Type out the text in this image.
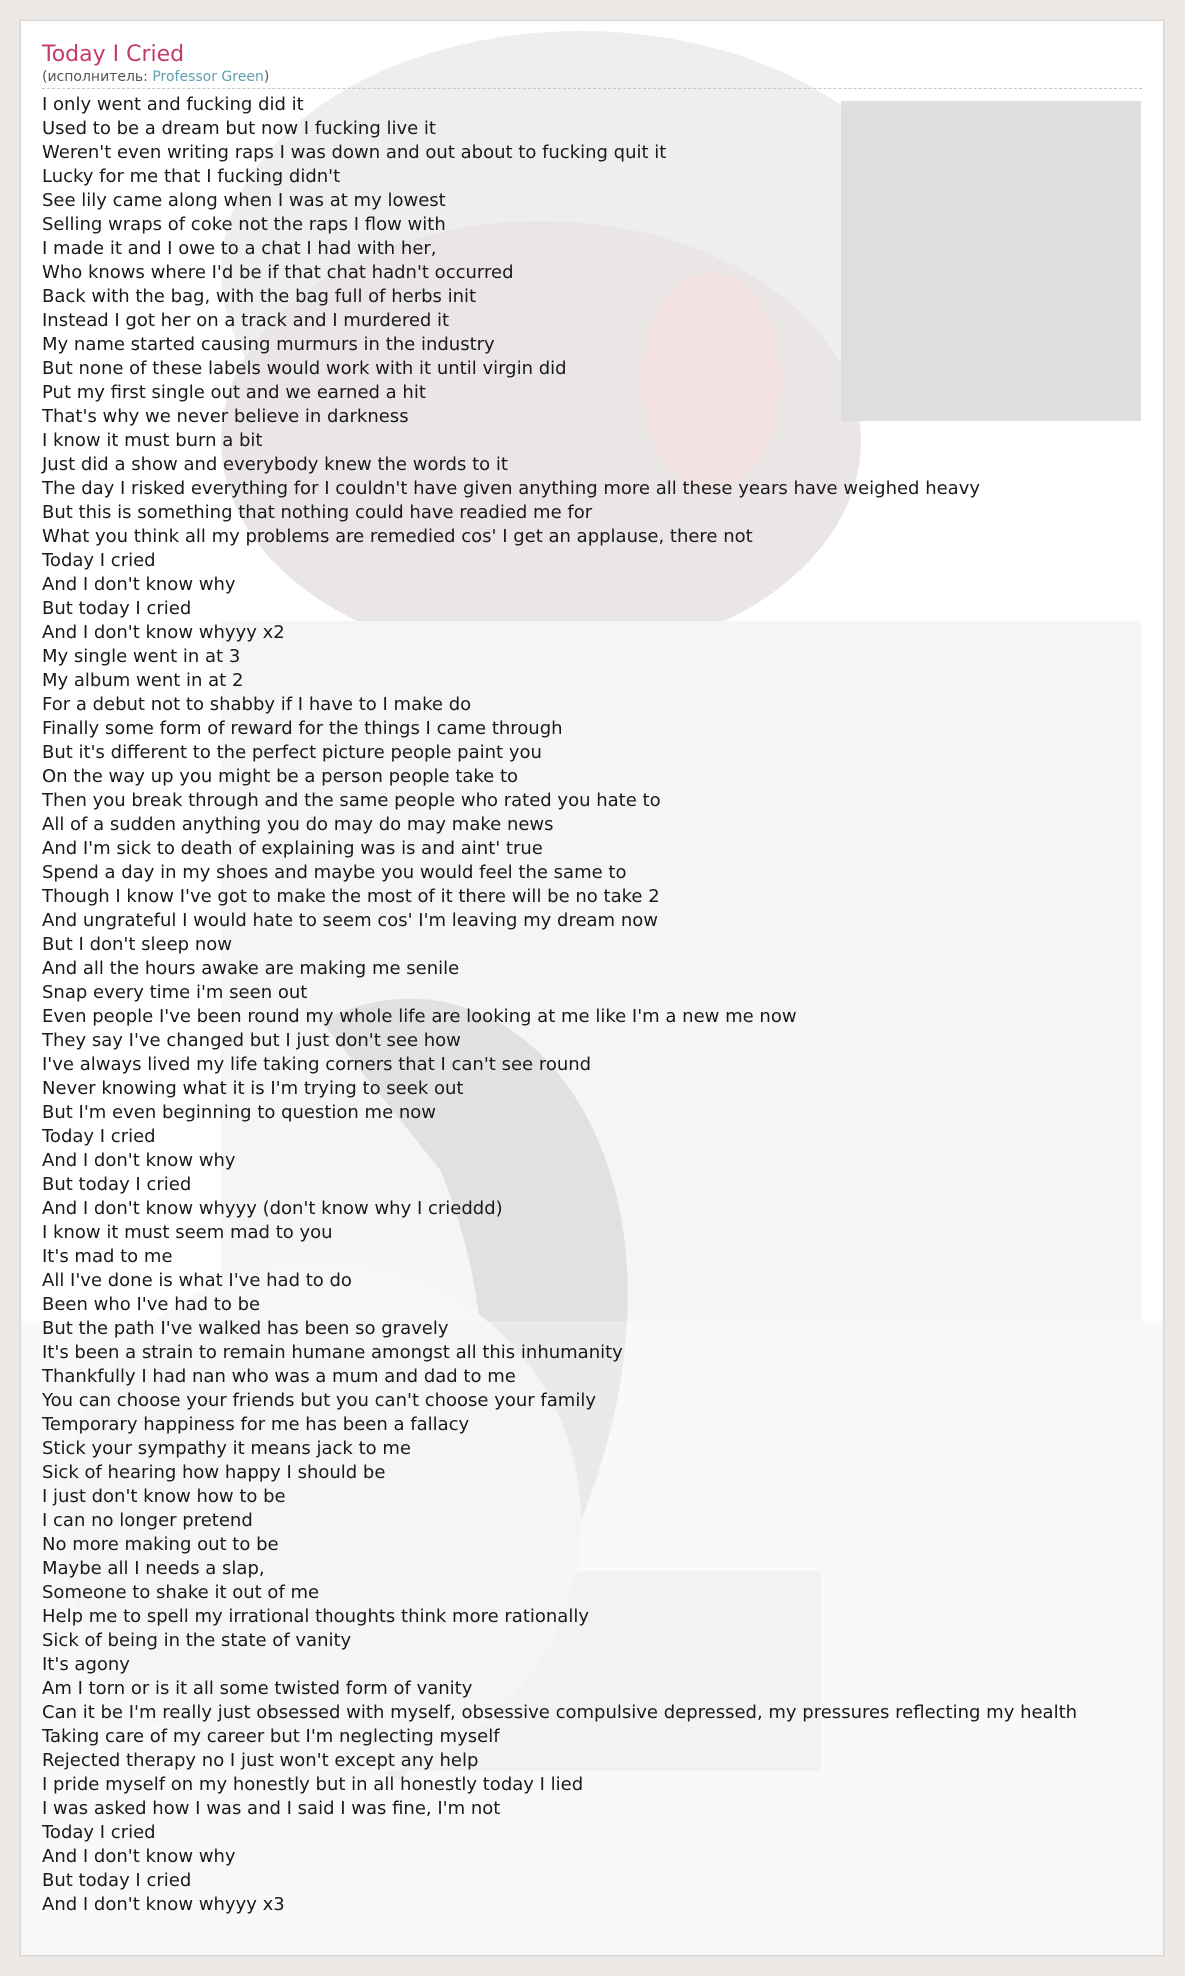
Today I Cried
(исполнитель: Professor Green)
I only went and fucking did it
Used to be a dream but now I fucking live it
Weren't even writing raps I was down and out about to fucking quit it
Lucky for me that I fucking didn't
See lily came along when I was at my lowest
Selling wraps of coke not the raps I flow with
I made it and I owe to a chat I had with her,
Who knows where I'd be if that chat hadn't occurred
Back with the bag, with the bag full of herbs init
Instead I got her on a track and I murdered it
My name started causing murmurs in the industry
But none of these labels would work with it until virgin did
Put my first single out and we earned a hit
That's why we never believe in darkness
I know it must burn a bit
Just did a show and everybody knew the words to it
The day I risked everything for I couldn't have given anything more all these years have weighed heavy
But this is something that nothing could have readied me for
What you think all my problems are remedied cos' I get an applause, there not
Today I cried
And I don't know why
But today I cried
And I don't know whyyy x2
My single went in at 3
My album went in at 2
For a debut not to shabby if I have to I make do
Finally some form of reward for the things I came through
But it's different to the perfect picture people paint you
On the way up you might be a person people take to
Then you break through and the same people who rated you hate to
All of a sudden anything you do may do may make news
And I'm sick to death of explaining was is and aint' true
Spend a day in my shoes and maybe you would feel the same to
Though I know I've got to make the most of it there will be no take 2
And ungrateful I would hate to seem cos' I'm leaving my dream now
But I don't sleep now
And all the hours awake are making me senile
Snap every time i'm seen out
Even people I've been round my whole life are looking at me like I'm a new me now
They say I've changed but I just don't see how
I've always lived my life taking corners that I can't see round
Never knowing what it is I'm trying to seek out
But I'm even beginning to question me now
Today I cried
And I don't know why
But today I cried
And I don't know whyyy (don't know why I crieddd)
I know it must seem mad to you
It's mad to me
All I've done is what I've had to do
Been who I've had to be
But the path I've walked has been so gravely
It's been a strain to remain humane amongst all this inhumanity
Thankfully I had nan who was a mum and dad to me
You can choose your friends but you can't choose your family
Temporary happiness for me has been a fallacy
Stick your sympathy it means jack to me
Sick of hearing how happy I should be
I just don't know how to be
I can no longer pretend
No more making out to be
Maybe all I needs a slap,
Someone to shake it out of me
Help me to spell my irrational thoughts think more rationally
Sick of being in the state of vanity
It's agony
Am I torn or is it all some twisted form of vanity
Can it be I'm really just obsessed with myself, obsessive compulsive depressed, my pressures reflecting my health
Taking care of my career but I'm neglecting myself
Rejected therapy no I just won't except any help
I pride myself on my honestly but in all honestly today I lied
I was asked how I was and I said I was fine, I'm not
Today I cried
And I don't know why
But today I cried
And I don't know whyyy x3
